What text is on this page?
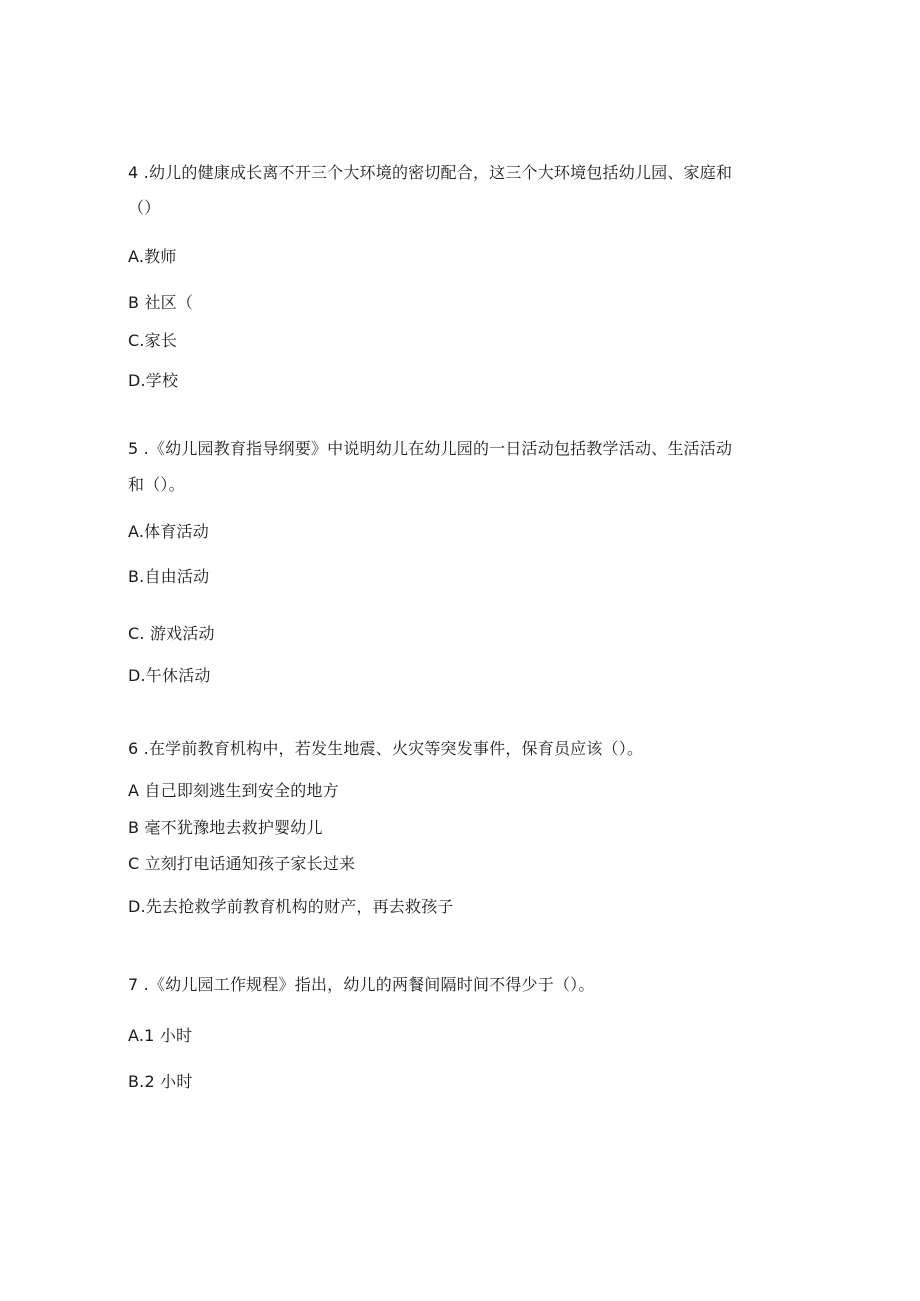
4 .幼儿的健康成长离不开三个大环境的密切配合，这三个大环境包括幼儿园、家庭和
（）
A.教师
B 社区（
C.家长
D.学校
5 .《幼儿园教育指导纲要》中说明幼儿在幼儿园的一日活动包括教学活动、生活活动
和（）。
A.体育活动
B.自由活动
C. 游戏活动
D.午休活动
6 .在学前教育机构中，若发生地震、火灾等突发事件，保育员应该（）。
A 自己即刻逃生到安全的地方
B 毫不犹豫地去救护婴幼儿
C 立刻打电话通知孩子家长过来
D.先去抢救学前教育机构的财产，再去救孩子
7 .《幼儿园工作规程》指出，幼儿的两餐间隔时间不得少于（）。
A.1 小时
B.2 小时
